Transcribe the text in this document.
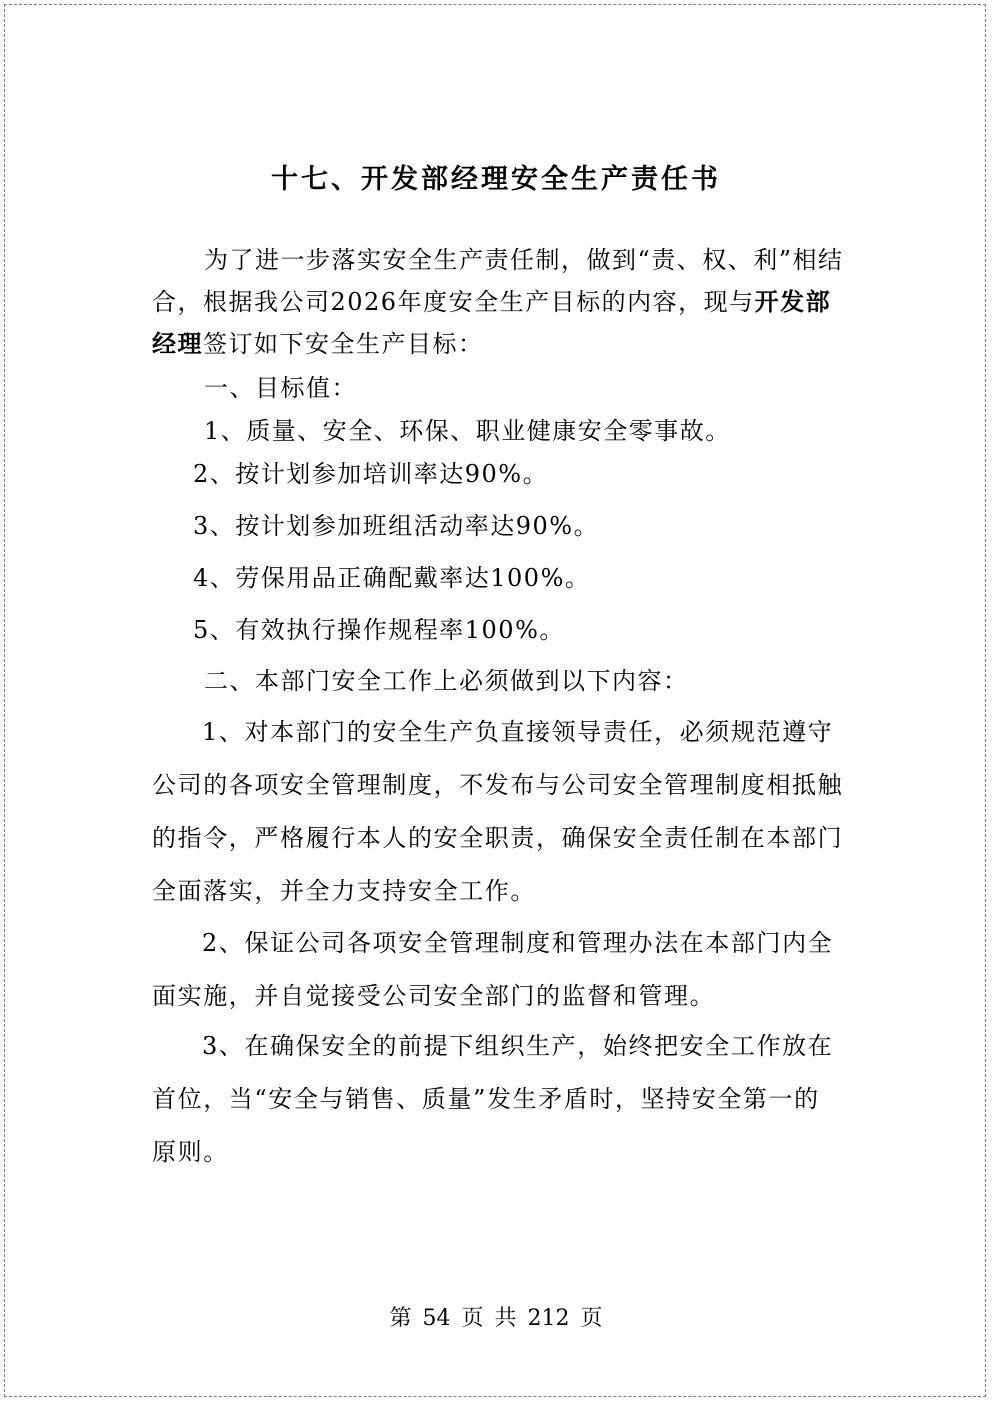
十七、开发部经理安全生产责任书
为了进一步落实安全生产责任制，做到“责、权、利”相结合，根据我公司2026年度安全生产目标的内容，现与开发部经理签订如下安全生产目标：
一、目标值：
1、质量、安全、环保、职业健康安全零事故。
2、按计划参加培训率达90%。
3、按计划参加班组活动率达90%。
4、劳保用品正确配戴率达100%。
5、有效执行操作规程率100%。
二、本部门安全工作上必须做到以下内容：
1、对本部门的安全生产负直接领导责任，必须规范遵守公司的各项安全管理制度，不发布与公司安全管理制度相抵触的指令，严格履行本人的安全职责，确保安全责任制在本部门全面落实，并全力支持安全工作。
2、保证公司各项安全管理制度和管理办法在本部门内全面实施，并自觉接受公司安全部门的监督和管理。
3、在确保安全的前提下组织生产，始终把安全工作放在首位，当“安全与销售、质量”发生矛盾时，坚持安全第一的原则。
第 54 页 共 212 页
